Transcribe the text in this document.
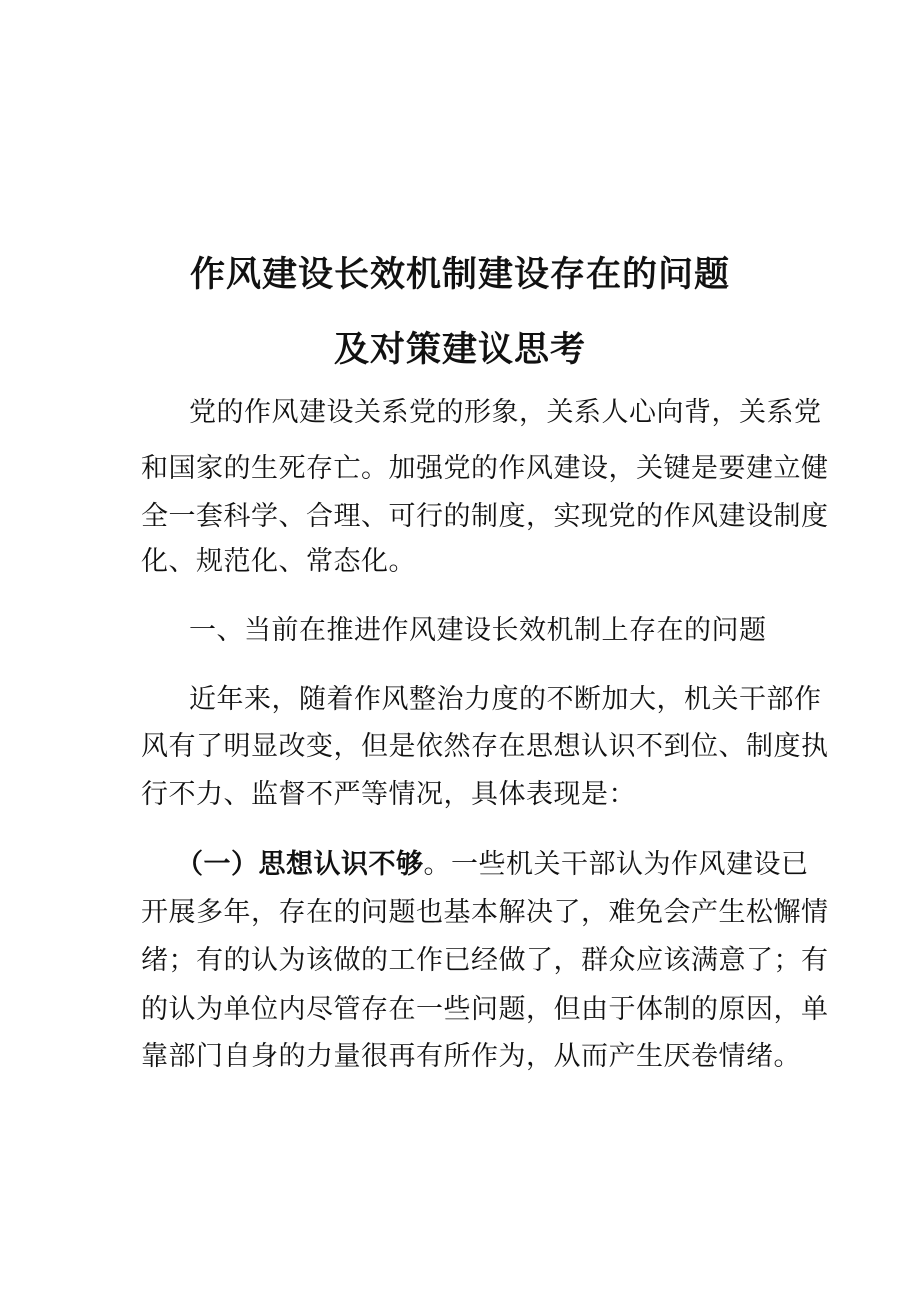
作风建设长效机制建设存在的问题
及对策建议思考
党的作风建设关系党的形象，关系人心向背，关系党
和国家的生死存亡。加强党的作风建设，关键是要建立健
全一套科学、合理、可行的制度，实现党的作风建设制度
化、规范化、常态化。
一、当前在推进作风建设长效机制上存在的问题
近年来，随着作风整治力度的不断加大，机关干部作
风有了明显改变，但是依然存在思想认识不到位、制度执
行不力、监督不严等情况，具体表现是：
（一）思想认识不够。一些机关干部认为作风建设已
开展多年，存在的问题也基本解决了，难免会产生松懈情
绪；有的认为该做的工作已经做了，群众应该满意了；有
的认为单位内尽管存在一些问题，但由于体制的原因，单
靠部门自身的力量很再有所作为，从而产生厌卷情绪。
